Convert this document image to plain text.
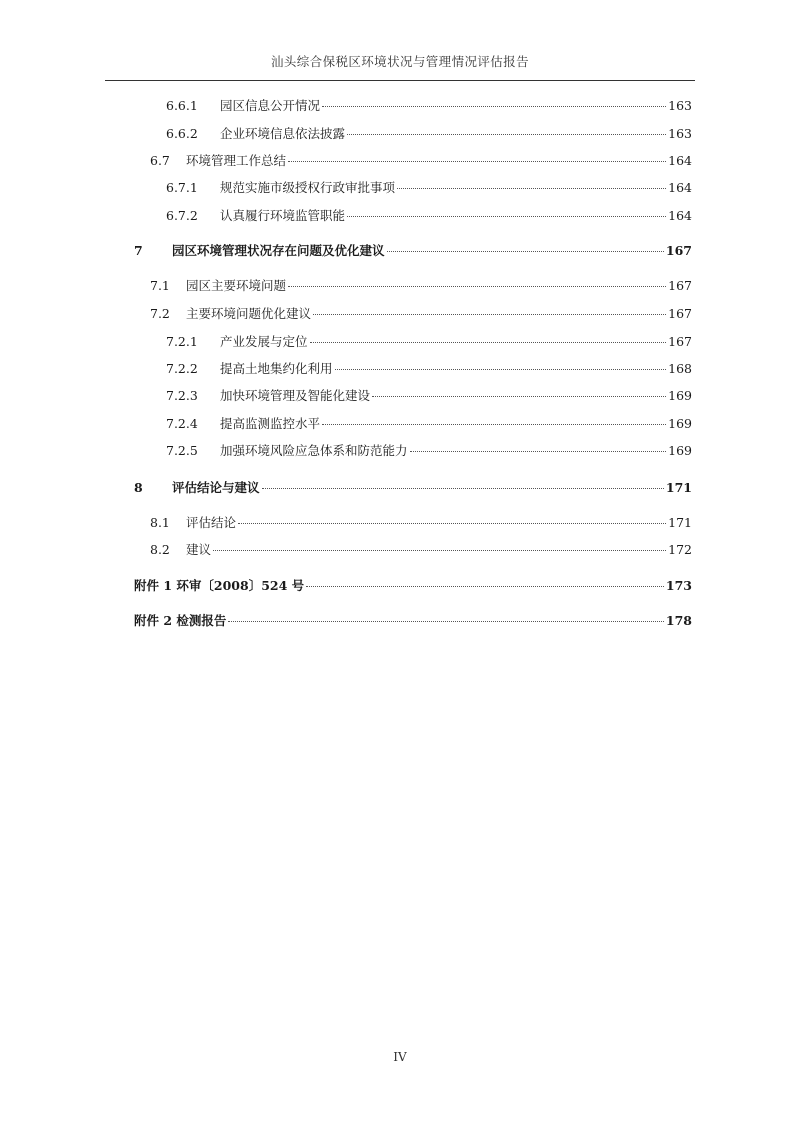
汕头综合保税区环境状况与管理情况评估报告
6.6.1	园区信息公开情况	163
6.6.2	企业环境信息依法披露	163
6.7	环境管理工作总结	164
6.7.1	规范实施市级授权行政审批事项	164
6.7.2	认真履行环境监管职能	164
7	园区环境管理状况存在问题及优化建议	167
7.1	园区主要环境问题	167
7.2	主要环境问题优化建议	167
7.2.1	产业发展与定位	167
7.2.2	提高土地集约化利用	168
7.2.3	加快环境管理及智能化建设	169
7.2.4	提高监测监控水平	169
7.2.5	加强环境风险应急体系和防范能力	169
8	评估结论与建议	171
8.1	评估结论	171
8.2	建议	172
附件 1 环审〔2008〕524 号	173
附件 2 检测报告	178
IV
